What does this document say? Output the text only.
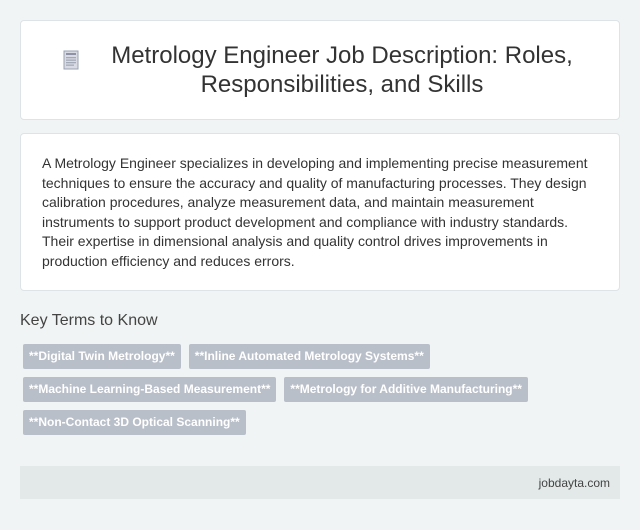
Metrology Engineer Job Description: Roles, Responsibilities, and Skills

A Metrology Engineer specializes in developing and implementing precise measurement techniques to ensure the accuracy and quality of manufacturing processes. They design calibration procedures, analyze measurement data, and maintain measurement instruments to support product development and compliance with industry standards. Their expertise in dimensional analysis and quality control drives improvements in production efficiency and reduces errors.

Key Terms to Know
**Digital Twin Metrology**	**Inline Automated Metrology Systems**
**Machine Learning-Based Measurement**	**Metrology for Additive Manufacturing**
**Non-Contact 3D Optical Scanning**
jobdayta.com
